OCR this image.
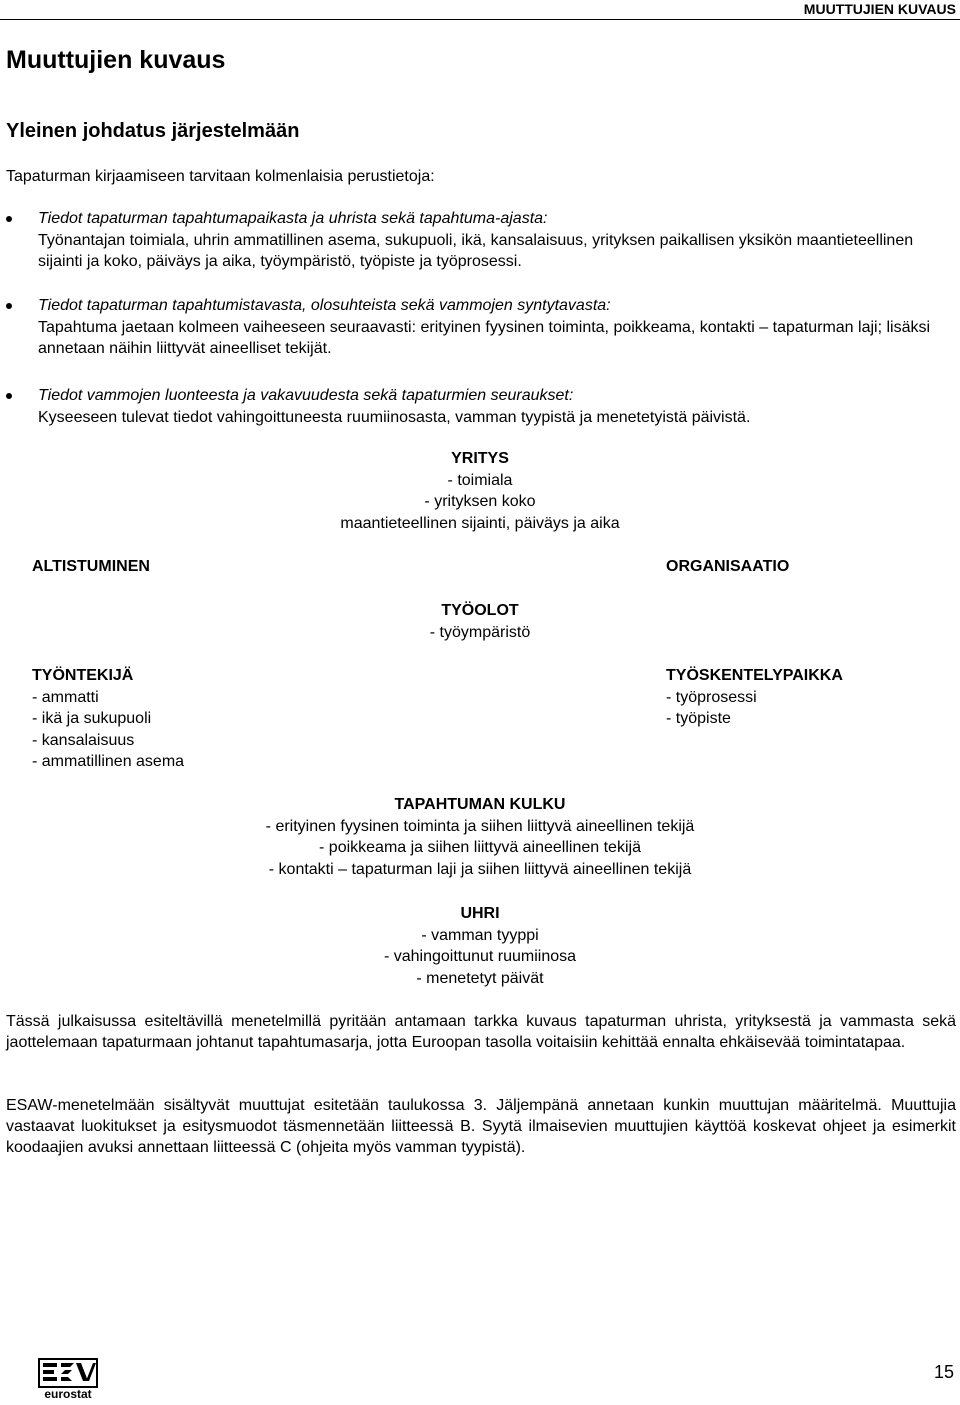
MUUTTUJIEN KUVAUS
Muuttujien kuvaus
Yleinen johdatus järjestelmään

Tapaturman kirjaamiseen tarvitaan kolmenlaisia perustietoja:

Tiedot tapaturman tapahtumapaikasta ja uhrista sekä tapahtuma-ajasta:
Työnantajan toimiala, uhrin ammatillinen asema, sukupuoli, ikä, kansalaisuus, yrityksen paikallisen yksikön maantieteellinen sijainti ja koko, päiväys ja aika, työympäristö, työpiste ja työprosessi.
Tiedot tapaturman tapahtumistavasta, olosuhteista sekä vammojen syntytavasta:
Tapahtuma jaetaan kolmeen vaiheeseen seuraavasti: erityinen fyysinen toiminta, poikkeama, kontakti – tapaturman laji; lisäksi annetaan näihin liittyvät aineelliset tekijät.
Tiedot vammojen luonteesta ja vakavuudesta sekä tapaturmien seuraukset:
Kyseeseen tulevat tiedot vahingoittuneesta ruumiinosasta, vamman tyypistä ja menetetyistä päivistä.
YRITYS
- toimiala
- yrityksen koko
maantieteellinen sijainti, päiväys ja aika
ALTISTUMINEN	ORGANISAATIO
TYÖOLOT
- työympäristö
TYÖNTEKIJÄ
- ammatti
- ikä ja sukupuoli
- kansalaisuus
- ammatillinen asema
TYÖSKENTELYPAIKKA
- työprosessi
- työpiste
TAPAHTUMAN KULKU
- erityinen fyysinen toiminta ja siihen liittyvä aineellinen tekijä
- poikkeama ja siihen liittyvä aineellinen tekijä
- kontakti – tapaturman laji ja siihen liittyvä aineellinen tekijä
UHRI
- vamman tyyppi
- vahingoittunut ruumiinosa
- menetetyt päivät

Tässä julkaisussa esiteltävillä menetelmillä pyritään antamaan tarkka kuvaus tapaturman uhrista, yrityksestä ja vammasta sekä jaottelemaan tapaturmaan johtanut tapahtumasarja, jotta Euroopan tasolla voitaisiin kehittää ennalta ehkäisevää toimintatapaa.

ESAW-menetelmään sisältyvät muuttujat esitetään taulukossa 3. Jäljempänä annetaan kunkin muuttujan määritelmä. Muuttujia vastaavat luokitukset ja esitysmuodot täsmennetään liitteessä B. Syytä ilmaisevien muuttujien käyttöä koskevat ohjeet ja esimerkit koodaajien avuksi annettaan liitteessä C (ohjeita myös vamman tyypistä).

eurostat
15
